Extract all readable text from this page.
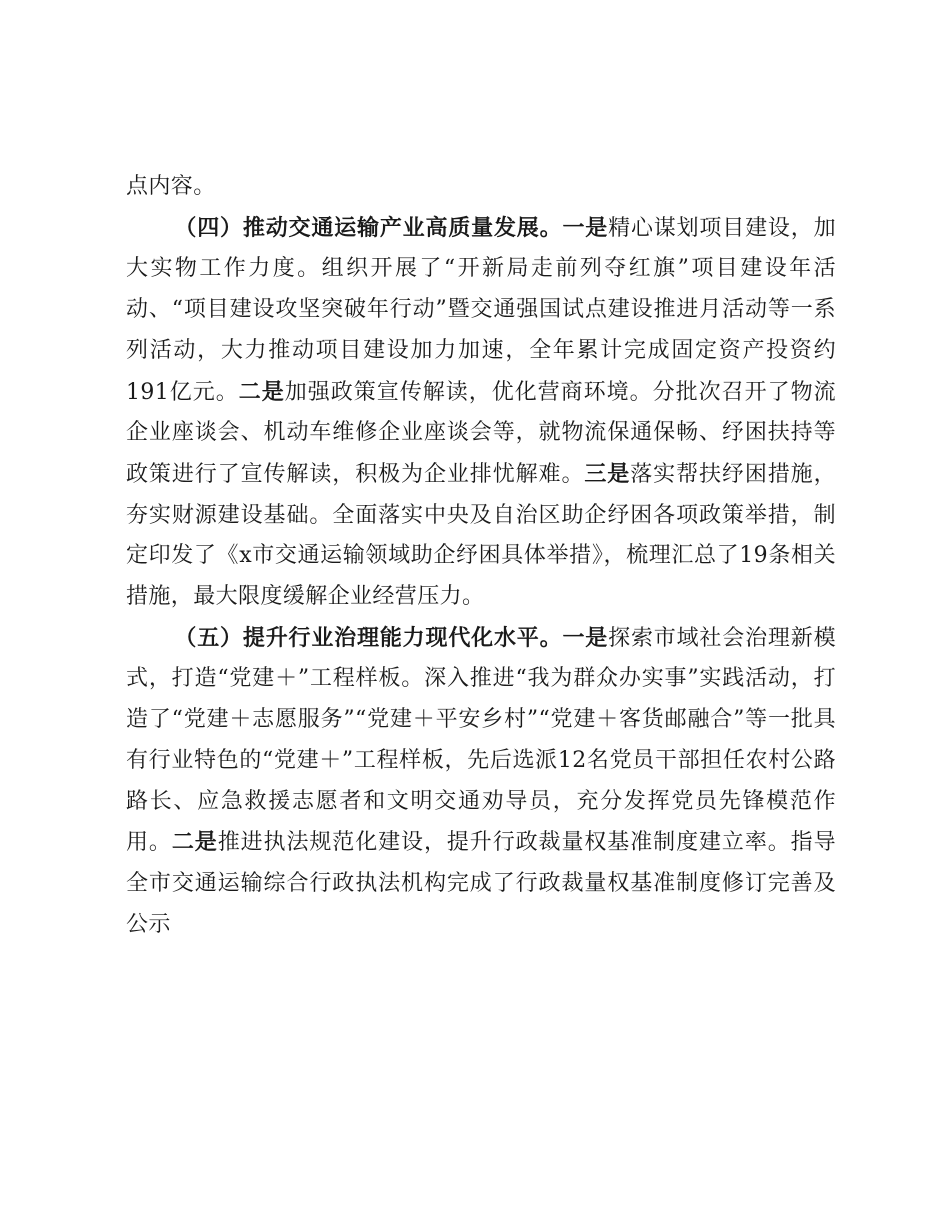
点内容。

（四）推动交通运输产业高质量发展。一是精心谋划项目建设，加大实物工作力度。组织开展了“开新局走前列夺红旗”项目建设年活动、“项目建设攻坚突破年行动”暨交通强国试点建设推进月活动等一系列活动，大力推动项目建设加力加速，全年累计完成固定资产投资约191亿元。二是加强政策宣传解读，优化营商环境。分批次召开了物流企业座谈会、机动车维修企业座谈会等，就物流保通保畅、纾困扶持等政策进行了宣传解读，积极为企业排忧解难。三是落实帮扶纾困措施，夯实财源建设基础。全面落实中央及自治区助企纾困各项政策举措，制定印发了《x市交通运输领域助企纾困具体举措》，梳理汇总了19条相关措施，最大限度缓解企业经营压力。

（五）提升行业治理能力现代化水平。一是探索市域社会治理新模式，打造“党建＋”工程样板。深入推进“我为群众办实事”实践活动，打造了“党建＋志愿服务”“党建＋平安乡村”“党建＋客货邮融合”等一批具有行业特色的“党建＋”工程样板，先后选派12名党员干部担任农村公路路长、应急救援志愿者和文明交通劝导员，充分发挥党员先锋模范作用。二是推进执法规范化建设，提升行政裁量权基准制度建立率。指导全市交通运输综合行政执法机构完成了行政裁量权基准制度修订完善及公示
